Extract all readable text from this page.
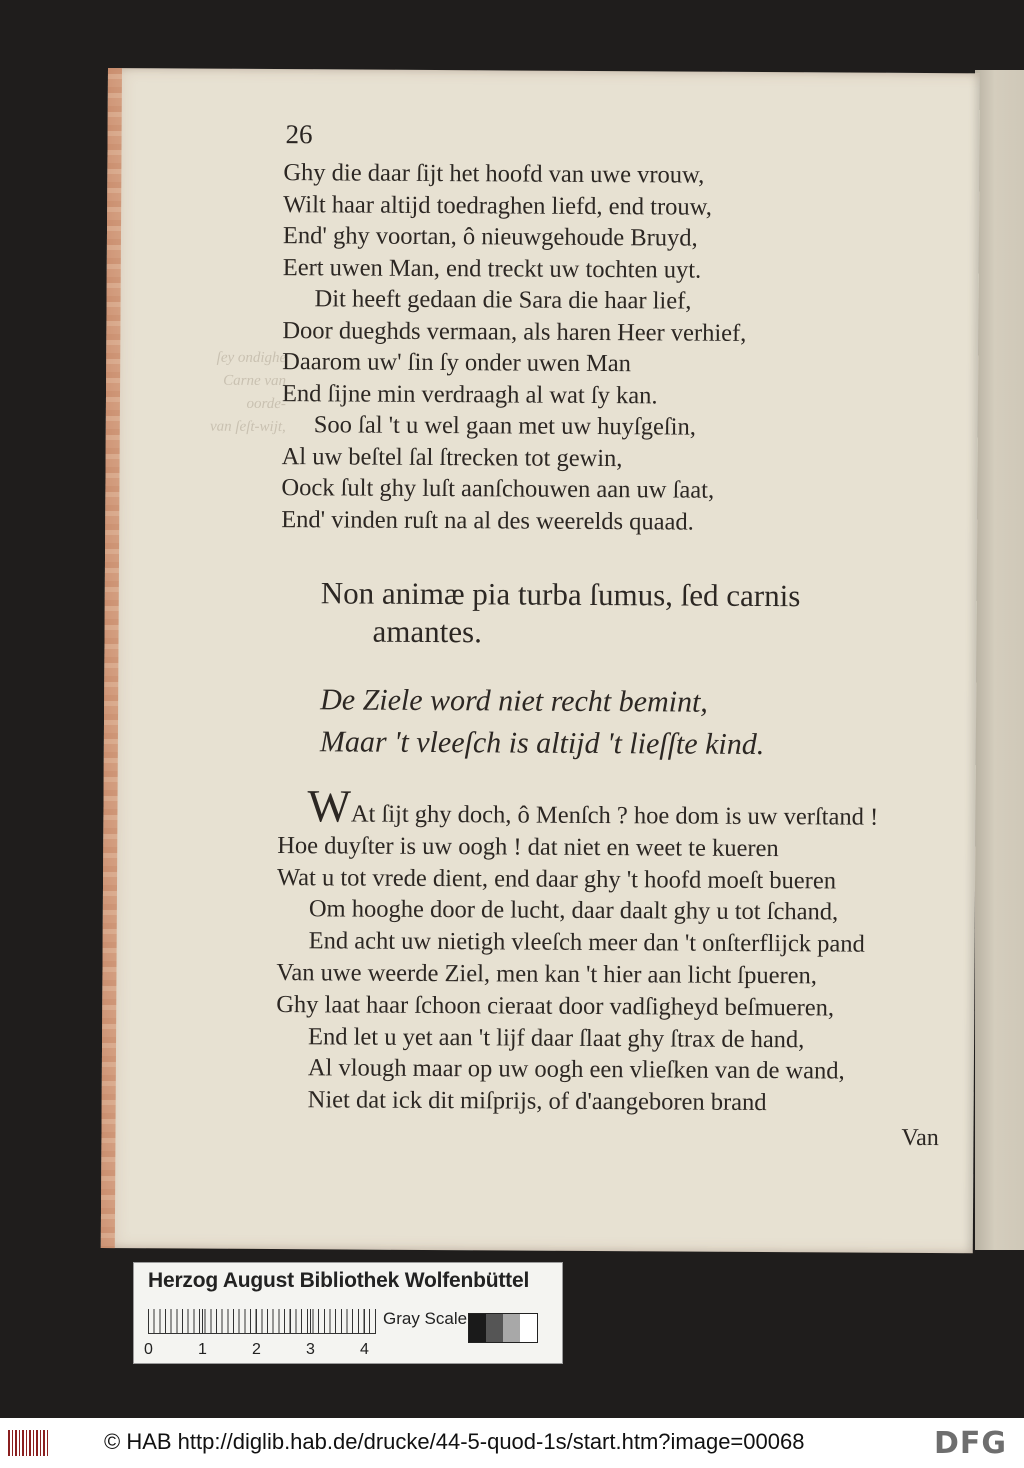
ſey ondighe
Carne van
oorde-
van ſeſt-wijt,
26
Ghy die daar ſijt het hoofd van uwe vrouw,
Wilt haar altijd toedraghen liefd, end trouw,
End' ghy voortan, ô nieuwgehoude Bruyd,
Eert uwen Man, end treckt uw tochten uyt.
Dit heeft gedaan die Sara die haar lief,
Door dueghds vermaan, als haren Heer verhief,
Daarom uw' ſin ſy onder uwen Man
End ſijne min verdraagh al wat ſy kan.
Soo ſal 't u wel gaan met uw huyſgeſin,
Al uw beſtel ſal ſtrecken tot gewin,
Oock ſult ghy luſt aanſchouwen aan uw ſaat,
End' vinden ruſt na al des weerelds quaad.
Non animæ pia turba ſumus, ſed carnis
amantes.
De Ziele word niet recht bemint,
Maar 't vleeſch is altijd 't lieſſte kind.
W At ſijt ghy doch, ô Menſch ? hoe dom is uw verſtand !
Hoe duyſter is uw oogh ! dat niet en weet te kueren
Wat u tot vrede dient, end daar ghy 't hoofd moeſt bueren
Om hooghe door de lucht, daar daalt ghy u tot ſchand,
End acht uw nietigh vleeſch meer dan 't onſterflijck pand
Van uwe weerde Ziel, men kan 't hier aan licht ſpueren,
Ghy laat haar ſchoon cieraat door vadſigheyd beſmueren,
End let u yet aan 't lijf daar ſlaat ghy ſtrax de hand,
Al vlough maar op uw oogh een vlieſken van de wand,
Niet dat ick dit miſprijs, of d'aangeboren brand
Van
Herzog August Bibliothek Wolfenbüttel
0	1	2	3	4
Gray Scale
© HAB http://diglib.hab.de/drucke/44-5-quod-1s/start.htm?image=00068	DFG
